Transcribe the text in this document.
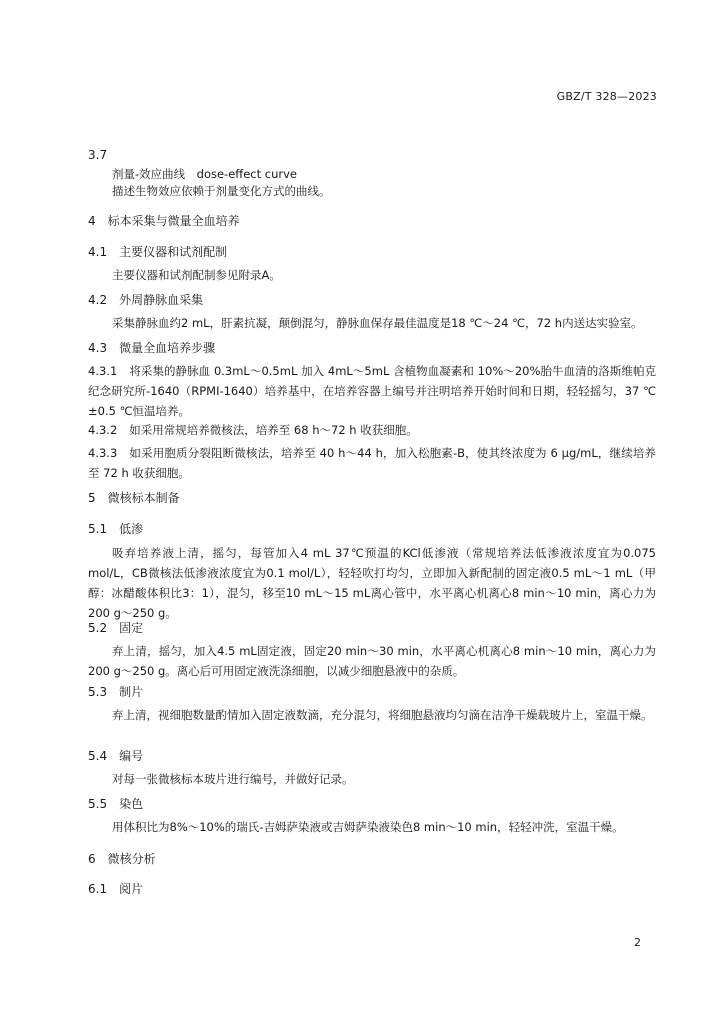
GBZ/T 328—2023
3.7
剂量-效应曲线　dose-effect curve
描述生物效应依赖于剂量变化方式的曲线。
4 标本采集与微量全血培养
4.1 主要仪器和试剂配制
主要仪器和试剂配制参见附录A。
4.2 外周静脉血采集
采集静脉血约2 mL，肝素抗凝，颠倒混匀，静脉血保存最佳温度是18 ℃～24 ℃，72 h内送达实验室。
4.3 微量全血培养步骤
4.3.1 将采集的静脉血 0.3mL～0.5mL 加入 4mL～5mL 含植物血凝素和 10%～20%胎牛血清的洛斯维帕克纪念研究所-1640（RPMI-1640）培养基中，在培养容器上编号并注明培养开始时间和日期，轻轻摇匀，37 ℃±0.5 ℃恒温培养。
4.3.2 如采用常规培养微核法，培养至 68 h～72 h 收获细胞。
4.3.3 如采用胞质分裂阻断微核法，培养至 40 h～44 h，加入松胞素-B，使其终浓度为 6 μg/mL，继续培养至 72 h 收获细胞。
5 微核标本制备
5.1 低渗
吸弃培养液上清，摇匀，每管加入4 mL 37℃预温的KCl低渗液（常规培养法低渗液浓度宜为0.075 mol/L，CB微核法低渗液浓度宜为0.1 mol/L），轻轻吹打均匀，立即加入新配制的固定液0.5 mL～1 mL（甲醇：冰醋酸体积比3：1），混匀，移至10 mL～15 mL离心管中，水平离心机离心8 min～10 min，离心力为200 g～250 g。
5.2 固定
弃上清，摇匀，加入4.5 mL固定液，固定20 min～30 min，水平离心机离心8 min～10 min，离心力为200 g～250 g。离心后可用固定液洗涤细胞，以减少细胞悬液中的杂质。
5.3 制片
弃上清，视细胞数量酌情加入固定液数滴，充分混匀，将细胞悬液均匀滴在洁净干燥载玻片上，室温干燥。
5.4 编号
对每一张微核标本玻片进行编号，并做好记录。
5.5 染色
用体积比为8%～10%的瑞氏-吉姆萨染液或吉姆萨染液染色8 min～10 min，轻轻冲洗，室温干燥。
6 微核分析
6.1 阅片
2
